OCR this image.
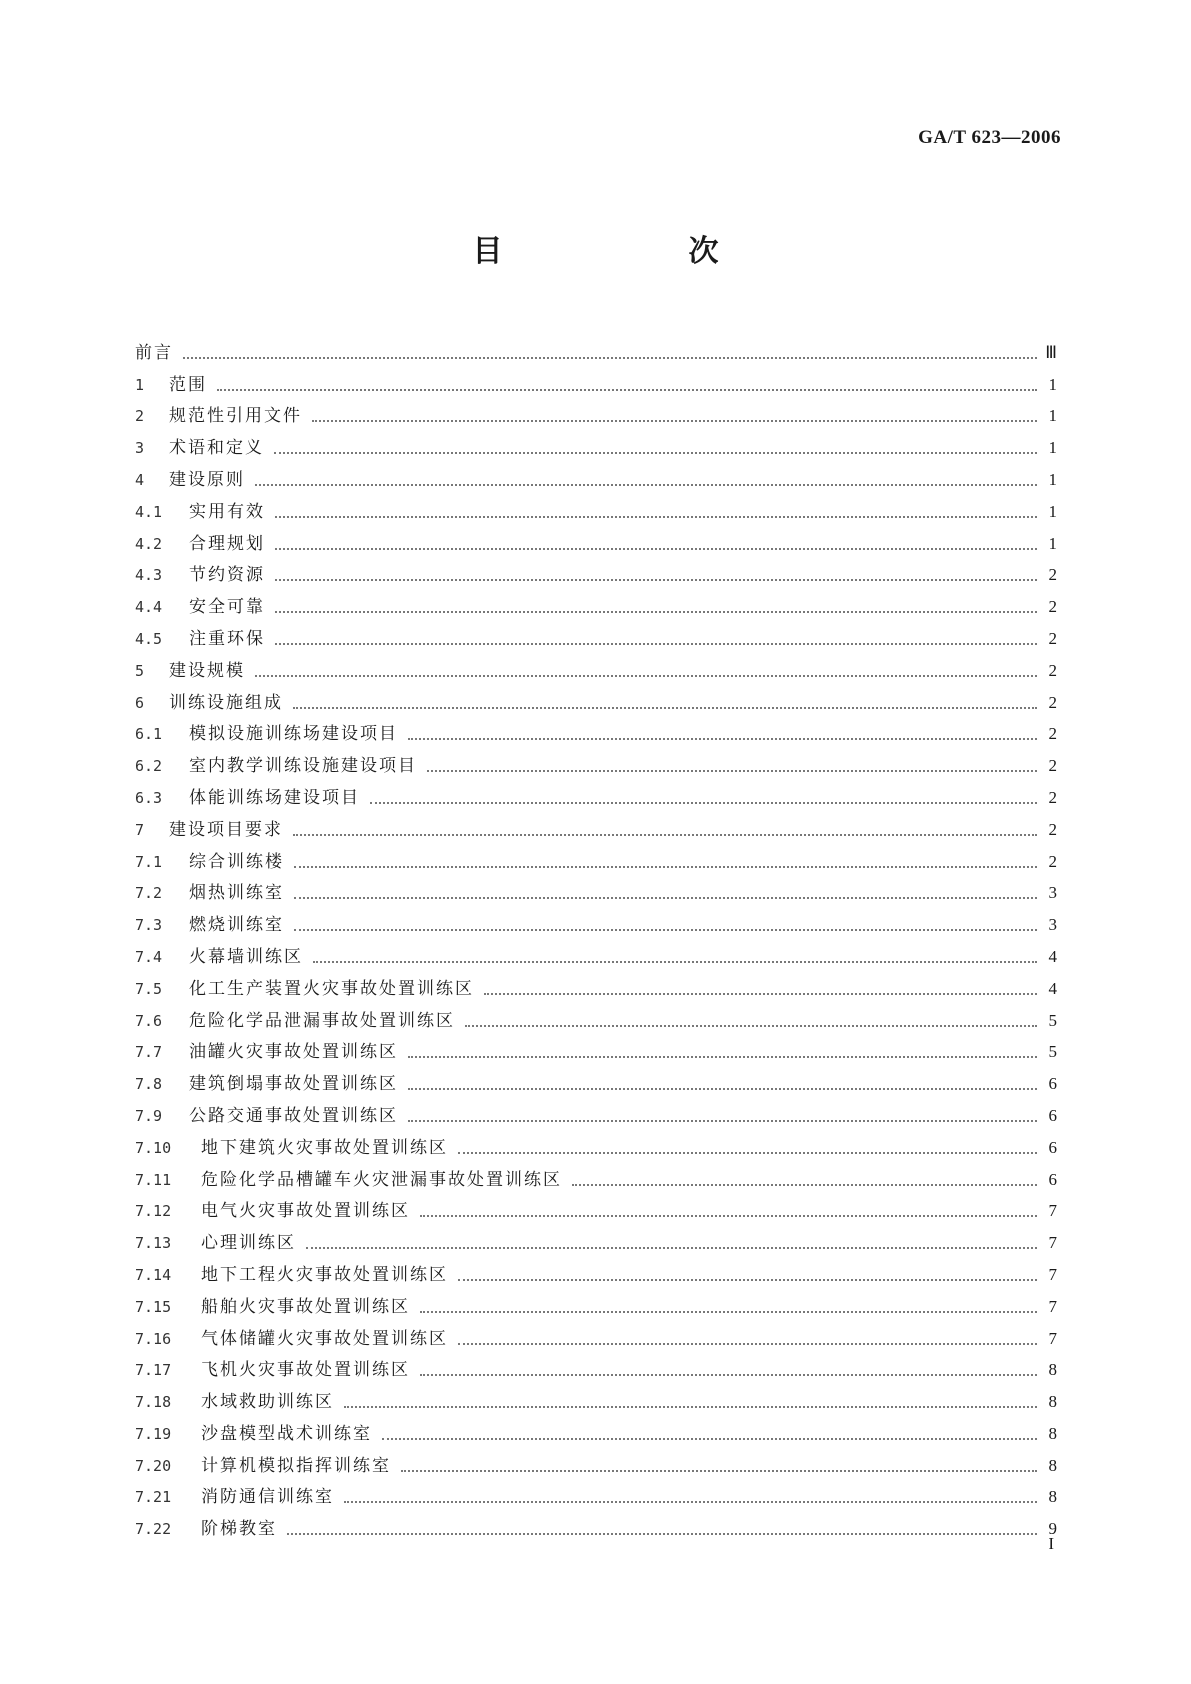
GA/T 623—2006
目　次
前言	Ⅲ
1	范围	1
2	规范性引用文件	1
3	术语和定义	1
4	建设原则	1
4.1	实用有效	1
4.2	合理规划	1
4.3	节约资源	2
4.4	安全可靠	2
4.5	注重环保	2
5	建设规模	2
6	训练设施组成	2
6.1	模拟设施训练场建设项目	2
6.2	室内教学训练设施建设项目	2
6.3	体能训练场建设项目	2
7	建设项目要求	2
7.1	综合训练楼	2
7.2	烟热训练室	3
7.3	燃烧训练室	3
7.4	火幕墙训练区	4
7.5	化工生产装置火灾事故处置训练区	4
7.6	危险化学品泄漏事故处置训练区	5
7.7	油罐火灾事故处置训练区	5
7.8	建筑倒塌事故处置训练区	6
7.9	公路交通事故处置训练区	6
7.10	地下建筑火灾事故处置训练区	6
7.11	危险化学品槽罐车火灾泄漏事故处置训练区	6
7.12	电气火灾事故处置训练区	7
7.13	心理训练区	7
7.14	地下工程火灾事故处置训练区	7
7.15	船舶火灾事故处置训练区	7
7.16	气体储罐火灾事故处置训练区	7
7.17	飞机火灾事故处置训练区	8
7.18	水域救助训练区	8
7.19	沙盘模型战术训练室	8
7.20	计算机模拟指挥训练室	8
7.21	消防通信训练室	8
7.22	阶梯教室	9
I
